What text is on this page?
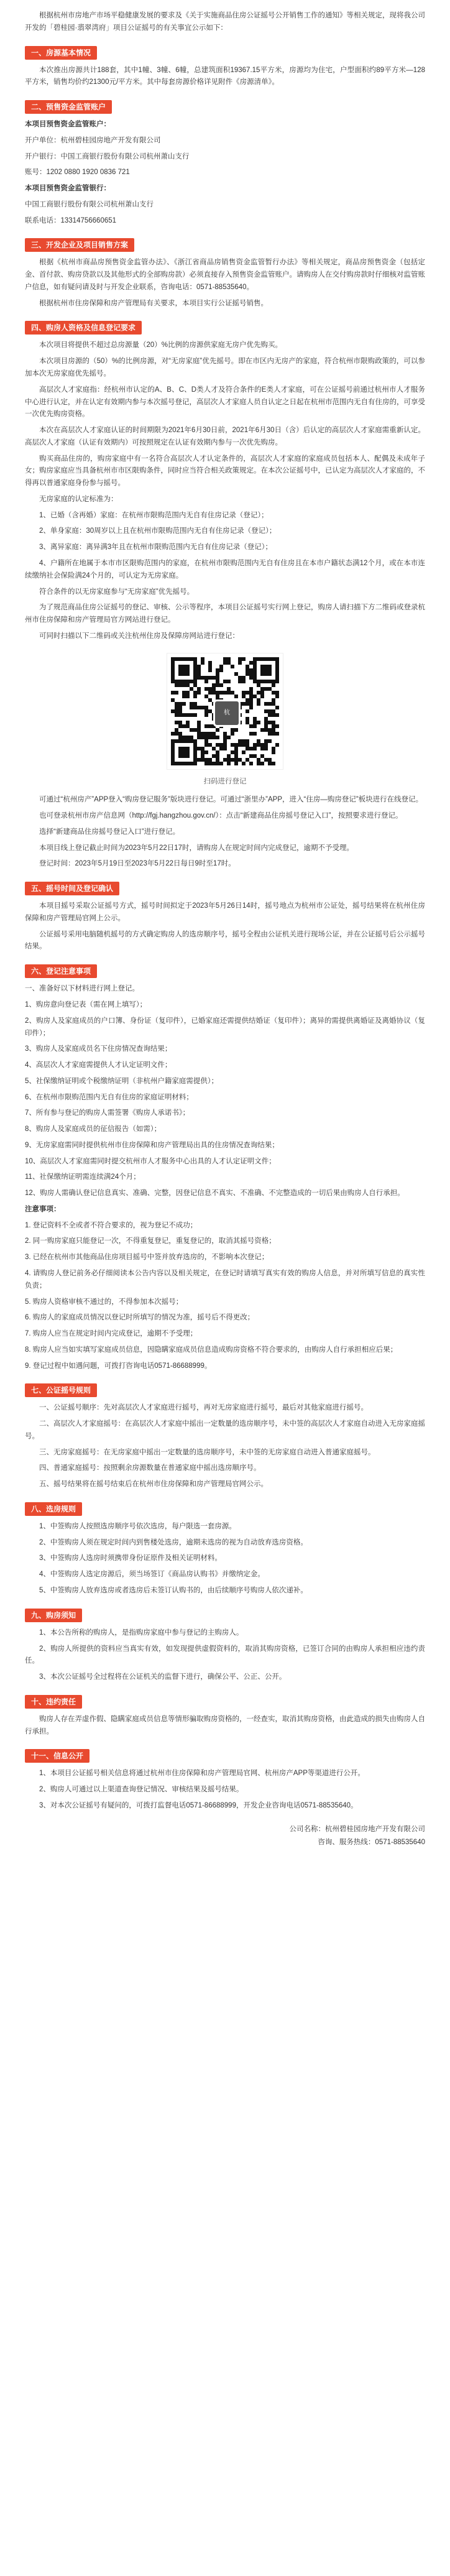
根据杭州市房地产市场平稳健康发展的要求及《关于实施商品住房公证摇号公开销售工作的通知》等相关规定，现将我公司开发的「碧桂园·翡翠湾府」项目公证摇号的有关事宜公示如下：

一、房源基本情况

本次推出房源共计188套，其中1幢、3幢、6幢，总建筑面积19367.15平方米，房源均为住宅，户型面积约89平方米—128平方米，销售均价约21300元/平方米。其中每套房源价格详见附件《房源清单》。

二、预售资金监管账户

本项目预售资金监管账户：

开户单位：杭州碧桂园房地产开发有限公司

开户银行：中国工商银行股份有限公司杭州萧山支行

账号：1202 0880 1920 0836 721

本项目预售资金监管银行：

中国工商银行股份有限公司杭州萧山支行

联系电话：13314756660651

三、开发企业及项目销售方案

根据《杭州市商品房预售资金监管办法》、《浙江省商品房销售资金监管暂行办法》等相关规定，商品房预售资金（包括定金、首付款、购房贷款以及其他形式的全部购房款）必须直接存入预售资金监管账户。请购房人在交付购房款时仔细核对监管账户信息，如有疑问请及时与开发企业联系，咨询电话：0571-88535640。

根据杭州市住房保障和房产管理局有关要求，本项目实行公证摇号销售。

四、购房人资格及信息登记要求

本次项目将提供不超过总房源量（20）%比例的房源供家庭无房户优先购买。

本次项目房源的（50）%的比例房源，对“无房家庭”优先摇号。即在市区内无房产的家庭，符合杭州市限购政策的，可以参加本次无房家庭优先摇号。

高层次人才家庭指：经杭州市认定的A、B、C、D类人才及符合条件的E类人才家庭，可在公证摇号前通过杭州市人才服务中心进行认定，并在认定有效期内参与本次摇号登记，高层次人才家庭人员自认定之日起在杭州市范围内无自有住房的，可享受一次优先购房资格。

本次在高层次人才家庭认证的时间期限为2021年6月30日前，2021年6月30日（含）后认定的高层次人才家庭需重新认定。高层次人才家庭（认证有效期内）可按照规定在认证有效期内参与一次优先购房。

购买商品住房的，购房家庭中有一名符合高层次人才认定条件的，高层次人才家庭的家庭成员包括本人、配偶及未成年子女；购房家庭应当具备杭州市市区限购条件，同时应当符合相关政策规定。在本次公证摇号中，已认定为高层次人才家庭的，不得再以普通家庭身份参与摇号。

无房家庭的认定标准为：

1、已婚（含再婚）家庭：在杭州市限购范围内无自有住房记录（登记）；

2、单身家庭：30周岁以上且在杭州市限购范围内无自有住房记录（登记）；

3、离异家庭：离异满3年且在杭州市限购范围内无自有住房记录（登记）；

4、户籍所在地属于本市市区限购范围内的家庭，在杭州市限购范围内无自有住房且在本市户籍状态满12个月，或在本市连续缴纳社会保险满24个月的，可认定为无房家庭。

符合条件的以无房家庭参与“无房家庭”优先摇号。

为了规范商品住房公证摇号的登记、审核、公示等程序，本项目公证摇号实行网上登记，购房人请扫描下方二维码或登录杭州市住房保障和房产管理局官方网站进行登记。

可同时扫描以下二维码或关注杭州住房及保障房网站进行登记：

杭

扫码进行登记

可通过“杭州房产”APP登入“购房登记服务”版块进行登记。可通过“浙里办”APP，进入“住房—购房登记”板块进行在线登记。

也可登录杭州市房产信息网（http://fgj.hangzhou.gov.cn/）：点击“新建商品住房摇号登记入口”，按照要求进行登记。

选择“新建商品住房摇号登记入口”进行登记。

本项目线上登记截止时间为2023年5月22日17时，请购房人在规定时间内完成登记，逾期不予受理。

登记时间：2023年5月19日至2023年5月22日每日9时至17时。

五、摇号时间及登记确认

本项目摇号采取公证摇号方式，摇号时间拟定于2023年5月26日14时，摇号地点为杭州市公证处，摇号结果将在杭州住房保障和房产管理局官网上公示。

公证摇号采用电脑随机摇号的方式确定购房人的选房顺序号，摇号全程由公证机关进行现场公证，并在公证摇号后公示摇号结果。

六、登记注意事项

一、准备好以下材料进行网上登记。

1、购房意向登记表（需在网上填写）；

2、购房人及家庭成员的户口簿、身份证（复印件），已婚家庭还需提供结婚证（复印件）；离异的需提供离婚证及离婚协议（复印件）；

3、购房人及家庭成员名下住房情况查询结果；

4、高层次人才家庭需提供人才认定证明文件；

5、社保缴纳证明或个税缴纳证明（非杭州户籍家庭需提供）；

6、在杭州市限购范围内无自有住房的家庭证明材料；

7、所有参与登记的购房人需签署《购房人承诺书》；

8、购房人及家庭成员的征信报告（如需）；

9、无房家庭需同时提供杭州市住房保障和房产管理局出具的住房情况查询结果；

10、高层次人才家庭需同时提交杭州市人才服务中心出具的人才认定证明文件；

11、社保缴纳证明需连续满24个月；

12、购房人需确认登记信息真实、准确、完整，因登记信息不真实、不准确、不完整造成的一切后果由购房人自行承担。

注意事项：

1. 登记资料不全或者不符合要求的，视为登记不成功；

2. 同一购房家庭只能登记一次，不得重复登记，重复登记的，取消其摇号资格；

3. 已经在杭州市其他商品住房项目摇号中签并放弃选房的，不影响本次登记；

4. 请购房人登记前务必仔细阅读本公告内容以及相关规定，在登记时请填写真实有效的购房人信息，并对所填写信息的真实性负责；

5. 购房人资格审核不通过的，不得参加本次摇号；

6. 购房人的家庭成员情况以登记时所填写的情况为准，摇号后不得更改；

7. 购房人应当在规定时间内完成登记，逾期不予受理；

8. 购房人应当如实填写家庭成员信息，因隐瞒家庭成员信息造成购房资格不符合要求的，由购房人自行承担相应后果；

9. 登记过程中如遇问题，可拨打咨询电话0571-86688999。

七、公证摇号规则

一、公证摇号顺序：先对高层次人才家庭进行摇号，再对无房家庭进行摇号，最后对其他家庭进行摇号。

二、高层次人才家庭摇号：在高层次人才家庭中摇出一定数量的选房顺序号，未中签的高层次人才家庭自动进入无房家庭摇号。

三、无房家庭摇号：在无房家庭中摇出一定数量的选房顺序号，未中签的无房家庭自动进入普通家庭摇号。

四、普通家庭摇号：按照剩余房源数量在普通家庭中摇出选房顺序号。

五、摇号结果将在摇号结束后在杭州市住房保障和房产管理局官网公示。

八、选房规则

1、中签购房人按照选房顺序号依次选房，每户限选一套房源。

2、中签购房人须在规定时间内到售楼处选房，逾期未选房的视为自动放弃选房资格。

3、中签购房人选房时须携带身份证原件及相关证明材料。

4、中签购房人选定房源后，须当场签订《商品房认购书》并缴纳定金。

5、中签购房人放弃选房或者选房后未签订认购书的，由后续顺序号购房人依次递补。

九、购房须知

1、本公告所称的购房人，是指购房家庭中参与登记的主购房人。

2、购房人所提供的资料应当真实有效，如发现提供虚假资料的，取消其购房资格，已签订合同的由购房人承担相应违约责任。

3、本次公证摇号全过程将在公证机关的监督下进行，确保公平、公正、公开。

十、违约责任

购房人存在弄虚作假、隐瞒家庭成员信息等情形骗取购房资格的，一经查实，取消其购房资格，由此造成的损失由购房人自行承担。

十一、信息公开

1、本项目公证摇号相关信息将通过杭州市住房保障和房产管理局官网、杭州房产APP等渠道进行公开。

2、购房人可通过以上渠道查询登记情况、审核结果及摇号结果。

3、对本次公证摇号有疑问的，可拨打监督电话0571-86688999，开发企业咨询电话0571-88535640。

公司名称：杭州碧桂园房地产开发有限公司

咨询、服务热线：0571-88535640
